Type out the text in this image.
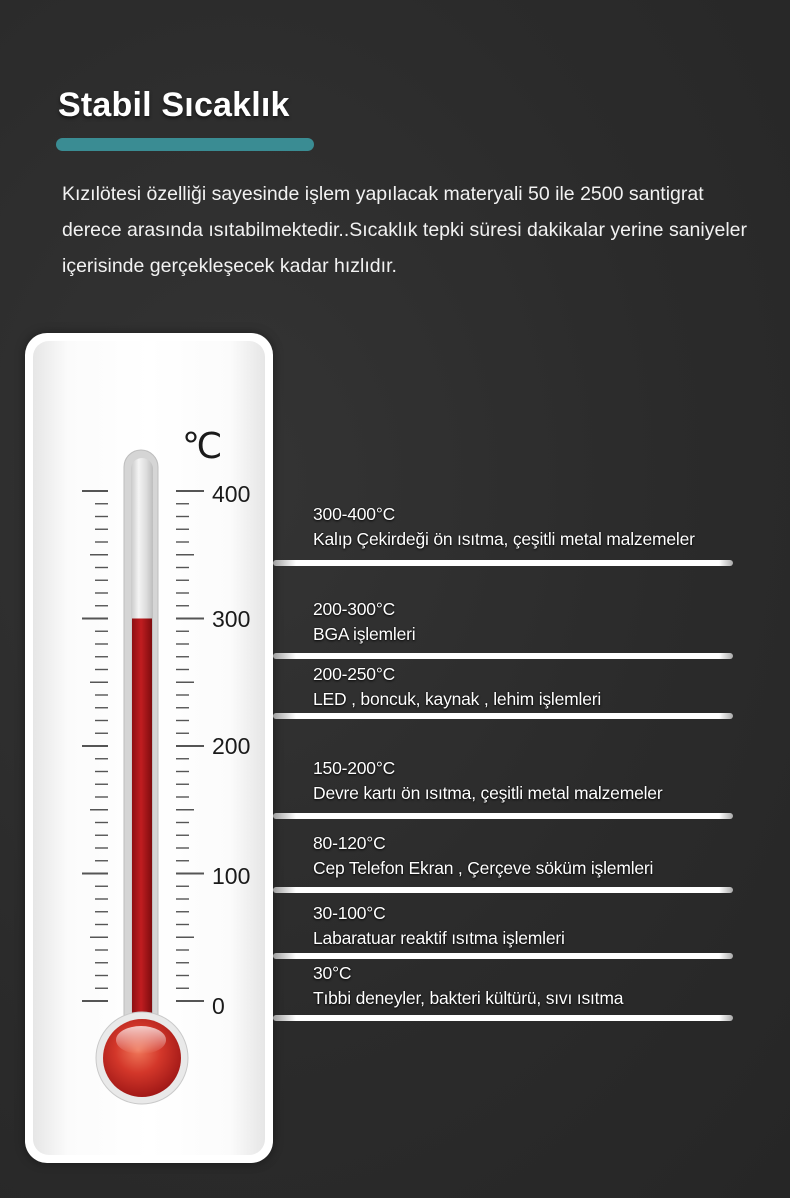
Stabil Sıcaklık
Kızılötesi özelliği sayesinde işlem yapılacak materyali 50 ile 2500 santigrat derece arasında ısıtabilmektedir..Sıcaklık tepki süresi dakikalar yerine saniyeler içerisinde gerçekleşecek kadar hızlıdır.
℃
400
300
200
100
0
300-400°C
Kalıp Çekirdeği ön ısıtma, çeşitli metal malzemeler
200-300°C
BGA işlemleri
200-250°C
LED , boncuk, kaynak , lehim işlemleri
150-200°C
Devre kartı ön ısıtma, çeşitli metal malzemeler
80-120°C
Cep Telefon Ekran , Çerçeve söküm işlemleri
30-100°C
Labaratuar reaktif ısıtma işlemleri
30°C
Tıbbi deneyler, bakteri kültürü, sıvı ısıtma
